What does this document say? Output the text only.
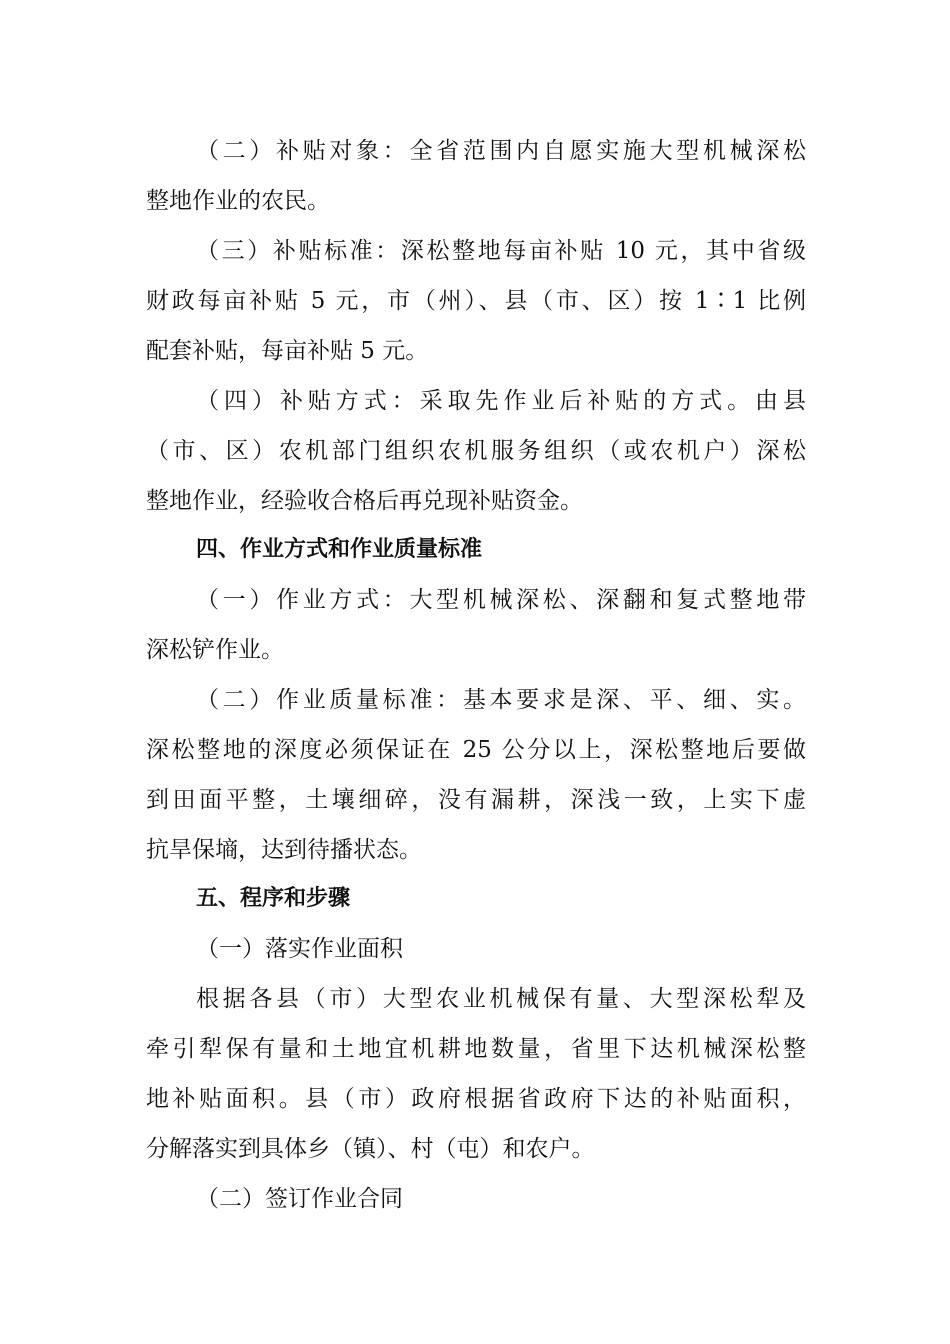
（二）补贴对象：全省范围内自愿实施大型机械深松
整地作业的农民。
（三）补贴标准：深松整地每亩补贴 10 元，其中省级
财政每亩补贴 5 元，市（州）、县（市、区）按 1∶1 比例
配套补贴，每亩补贴 5 元。
（四）补贴方式：采取先作业后补贴的方式。由县
（市、区）农机部门组织农机服务组织（或农机户）深松
整地作业，经验收合格后再兑现补贴资金。
四、作业方式和作业质量标准
（一）作业方式：大型机械深松、深翻和复式整地带
深松铲作业。
（二）作业质量标准：基本要求是深、平、细、实。
深松整地的深度必须保证在 25 公分以上，深松整地后要做
到田面平整，土壤细碎，没有漏耕，深浅一致，上实下虚
抗旱保墒，达到待播状态。
五、程序和步骤
（一）落实作业面积
根据各县（市）大型农业机械保有量、大型深松犁及
牵引犁保有量和土地宜机耕地数量，省里下达机械深松整
地补贴面积。县（市）政府根据省政府下达的补贴面积，
分解落实到具体乡（镇）、村（屯）和农户。
（二）签订作业合同
